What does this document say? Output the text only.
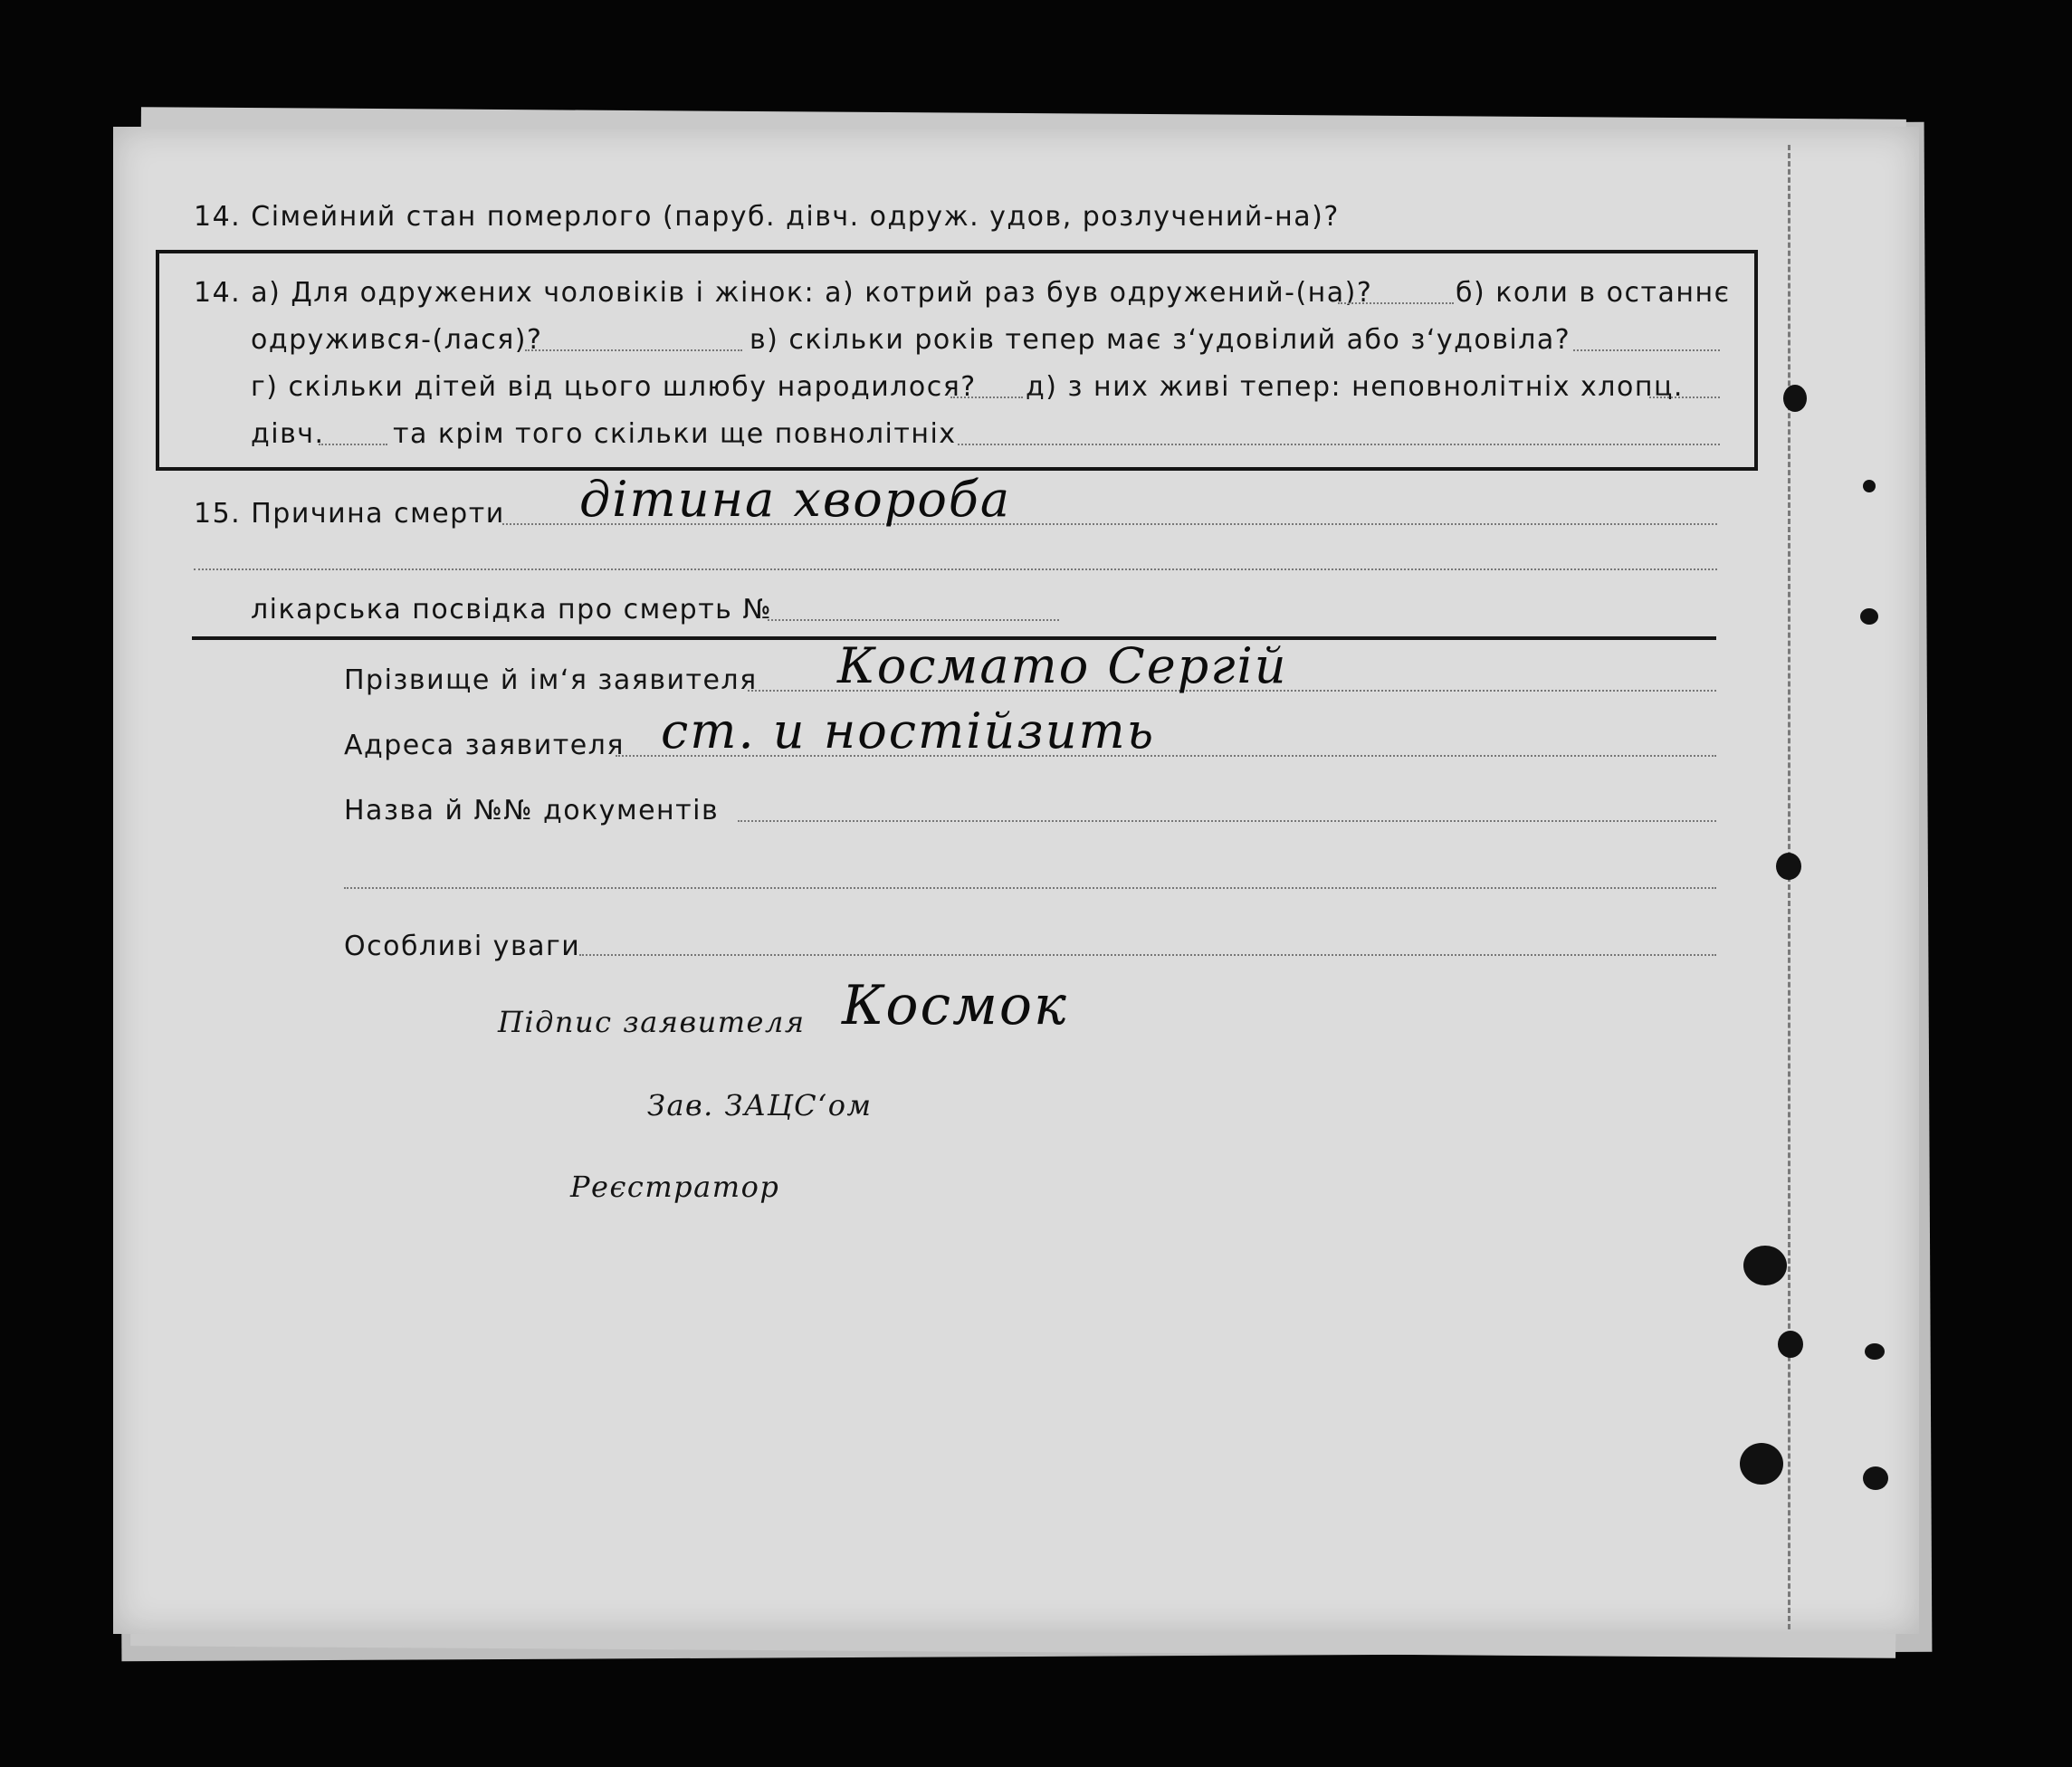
14. Сімейний стан померлого (паруб. дівч. одруж. удов, розлучений-на)?
14. а) Для одружених чоловіків і жінок: а) котрий раз був одружений-(на)?	б) коли в останнє
одружився-(лася)?	в) скільки років тепер має з‘удовілий або з‘удовіла?
г) скільки дітей від цього шлюбу народилося? д) з них живі тепер: неповнолітніх хлопц.
дівч.	та крім того скільки ще повнолітніх
15. Причина смерти дітина хвороба
лікарська посвідка про смерть №
Прізвище й ім‘я заявителя Космато Сергій
Адреса заявителя ст. и ностійзить
Назва й №№ документів
Особливі уваги
Підпис заявителя Космок
Зав. ЗАЦС‘ом
Реєстратор
